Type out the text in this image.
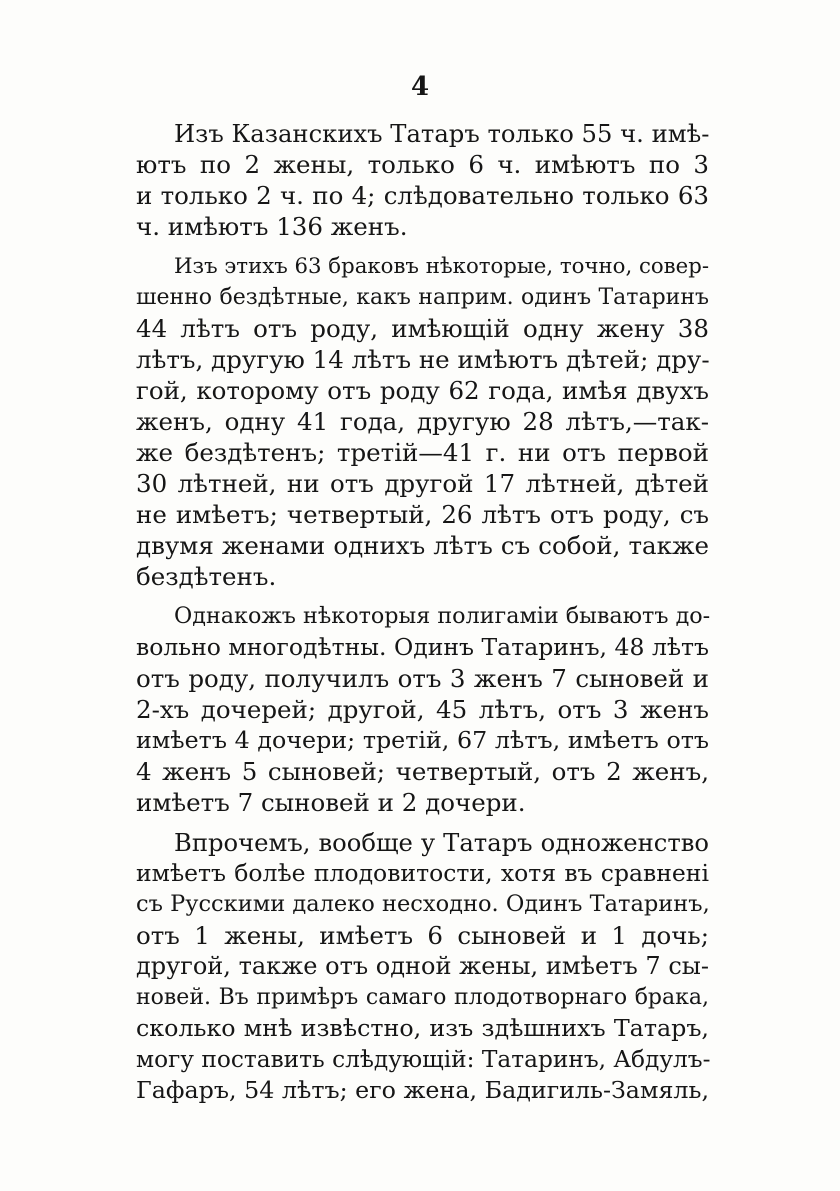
4
Изъ Казанскихъ Татаръ только 55 ч. имѣ-
ютъ по 2 жены, только 6 ч. имѣютъ по 3
и только 2 ч. по 4; слѣдовательно только 63
ч. имѣютъ 136 женъ.
Изъ этихъ 63 браковъ нѣкоторые, точно, совер-
шенно бездѣтные, какъ наприм. одинъ Татаринъ
44 лѣтъ отъ роду, имѣющій одну жену 38
лѣтъ, другую 14 лѣтъ не имѣютъ дѣтей; дру-
гой, которому отъ роду 62 года, имѣя двухъ
женъ, одну 41 года, другую 28 лѣтъ,—так-
же бездѣтенъ; третій—41 г. ни отъ первой
30 лѣтней, ни отъ другой 17 лѣтней, дѣтей
не имѣетъ; четвертый, 26 лѣтъ отъ роду, съ
двумя женами однихъ лѣтъ съ собой, также
бездѣтенъ.
Однакожъ нѣкоторыя полигаміи бываютъ до-
вольно многодѣтны. Одинъ Татаринъ, 48 лѣтъ
отъ роду, получилъ отъ 3 женъ 7 сыновей и
2-хъ дочерей; другой, 45 лѣтъ, отъ 3 женъ
имѣетъ 4 дочери; третій, 67 лѣтъ, имѣетъ отъ
4 женъ 5 сыновей; четвертый, отъ 2 женъ,
имѣетъ 7 сыновей и 2 дочери.
Впрочемъ, вообще у Татаръ одноженство
имѣетъ болѣе плодовитости, хотя въ сравнені
съ Русскими далеко несходно. Одинъ Татаринъ,
отъ 1 жены, имѣетъ 6 сыновей и 1 дочь;
другой, также отъ одной жены, имѣетъ 7 сы-
новей. Въ примѣръ самаго плодотворнаго брака,
сколько мнѣ извѣстно, изъ здѣшнихъ Татаръ,
могу поставить слѣдующій: Татаринъ, Абдулъ-
Гафаръ, 54 лѣтъ; его жена, Бадигиль-Замяль,
